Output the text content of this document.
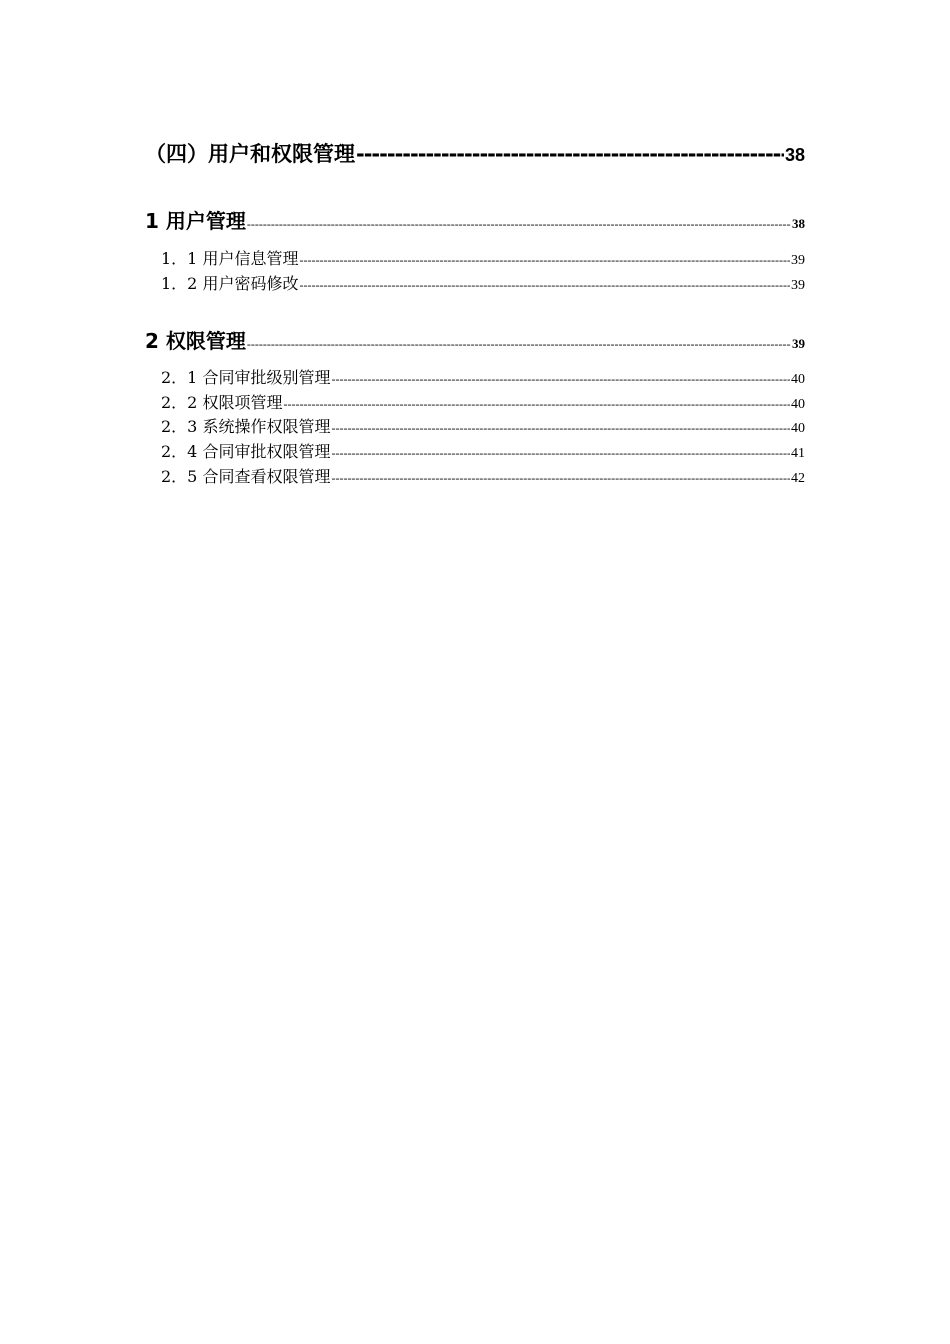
（四）用户和权限管理 -----	38
1 用户管理 -----	38
1．1 用户信息管理 -----	39
1．2 用户密码修改 -----	39
2 权限管理 -----	39
2．1 合同审批级别管理 -----	40
2．2 权限项管理 -----	40
2．3 系统操作权限管理 -----	40
2．4 合同审批权限管理 -----	41
2．5 合同查看权限管理 -----	42
